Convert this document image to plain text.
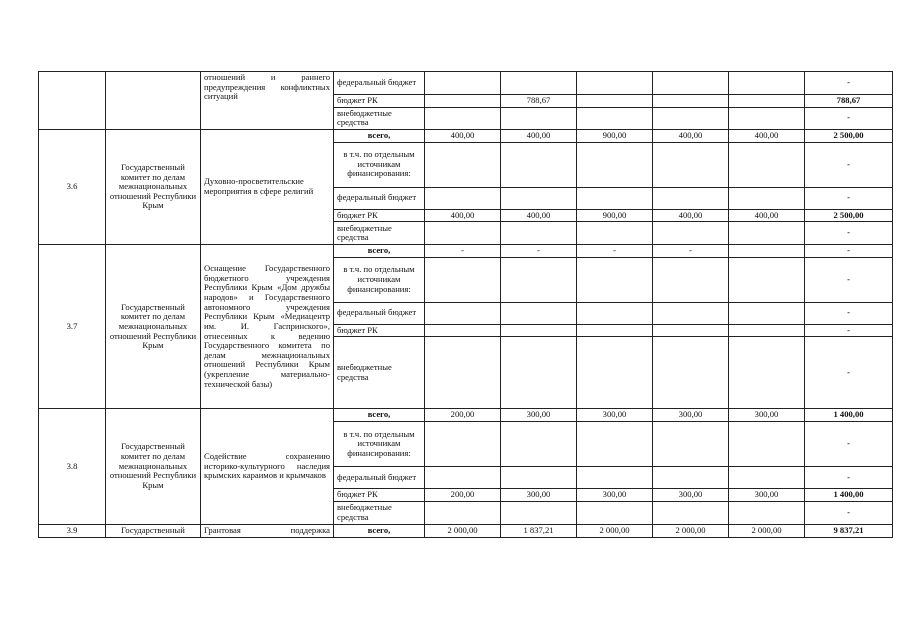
		отношений и раннего предупреждения конфликтных ситуаций	федеральный бюджет						-
			бюджет РК		788,67				788,67
			внебюджетные средства						-
3.6	Государственный комитет по делам межнациональных отношений Республики Крым	Духовно-просветительские мероприятия в сфере религий	всего,	400,00	400,00	900,00	400,00	400,00	2 500,00
			в т.ч. по отдельным источникам финансирования:						-
			федеральный бюджет						-
			бюджет РК	400,00	400,00	900,00	400,00	400,00	2 500,00
			внебюджетные средства						-
3.7	Государственный комитет по делам межнациональных отношений Республики Крым	Оснащение Государственного бюджетного учреждения Республики Крым «Дом дружбы народов» и Государственного автономного учреждения Республики Крым «Медиацентр им. И. Гаспринского», отнесенных к ведению Государственного комитета по делам межнациональных отношений Республики Крым (укрепление материально-технической базы)	всего,	-	-	-	-		-
			в т.ч. по отдельным источникам финансирования:						-
			федеральный бюджет						-
			бюджет РК						-
			внебюджетные средства						-
3.8	Государственный комитет по делам межнациональных отношений Республики Крым	Содействие сохранению историко-культурного наследия крымских караимов и крымчаков	всего,	200,00	300,00	300,00	300,00	300,00	1 400,00
			в т.ч. по отдельным источникам финансирования:						-
			федеральный бюджет						-
			бюджет РК	200,00	300,00	300,00	300,00	300,00	1 400,00
			внебюджетные средства						-
3.9	Государственный	Грантовая поддержка	всего,	2 000,00	1 837,21	2 000,00	2 000,00	2 000,00	9 837,21
